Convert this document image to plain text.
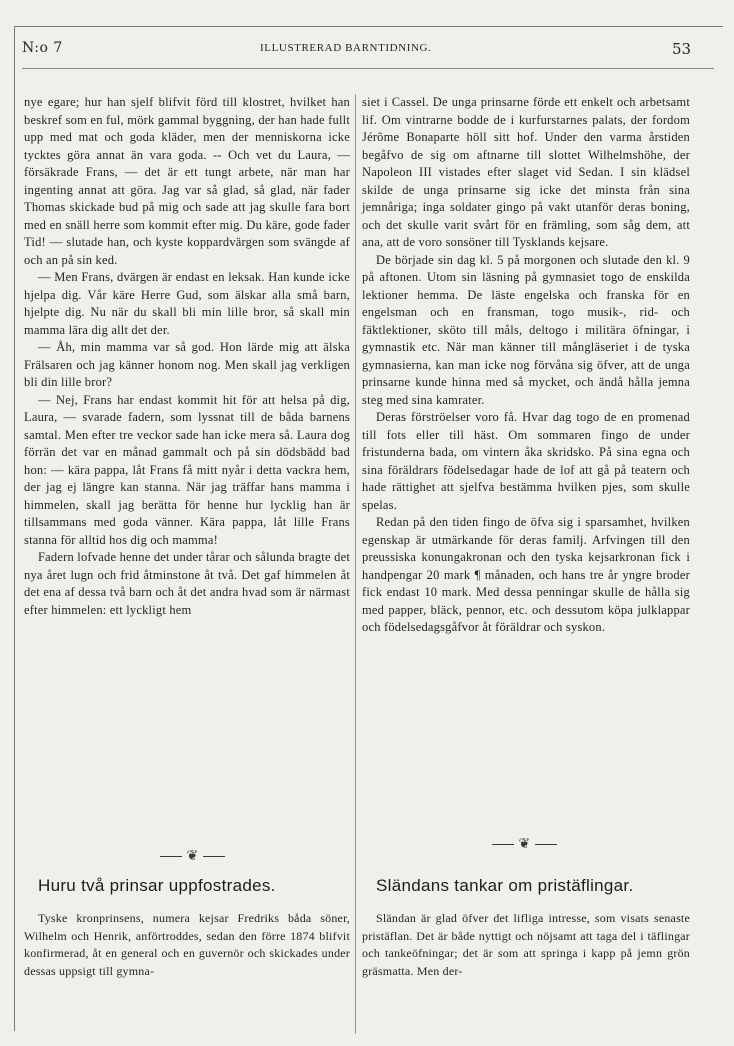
N:o 7	ILLUSTRERAD BARNTIDNING.	53

nye egare; hur han sjelf blifvit förd till klostret, hvilket han beskref som en ful, mörk gammal byggning, der han hade fullt upp med mat och goda kläder, men der menniskorna icke tycktes göra annat än vara goda. -- Och vet du Laura, — försäkrade Frans, — det är ett tungt arbete, när man har ingenting annat att göra. Jag var så glad, så glad, när fader Thomas skickade bud på mig och sade att jag skulle fara bort med en snäll herre som kommit efter mig. Du käre, gode fader Tid! — slutade han, och kyste koppardvärgen som svängde af och an på sin ked.

— Men Frans, dvärgen är endast en leksak. Han kunde icke hjelpa dig. Vår käre Herre Gud, som älskar alla små barn, hjelpte dig. Nu när du skall bli min lille bror, så skall min mamma lära dig allt det der.

— Åh, min mamma var så god. Hon lärde mig att älska Frälsaren och jag känner honom nog. Men skall jag verkligen bli din lille bror?

— Nej, Frans har endast kommit hit för att helsa på dig, Laura, — svarade fadern, som lyssnat till de båda barnens samtal. Men efter tre veckor sade han icke mera så. Laura dog förrän det var en månad gammalt och på sin dödsbädd bad hon: — kära pappa, låt Frans få mitt nyår i detta vackra hem, der jag ej längre kan stanna. När jag träffar hans mamma i himmelen, skall jag berätta för henne hur lycklig han är tillsammans med goda vänner. Kära pappa, låt lille Frans stanna för alltid hos dig och mamma!

Fadern lofvade henne det under tårar och sålunda bragte det nya året lugn och frid åtminstone åt två. Det gaf himmelen åt det ena af dessa två barn och åt det andra hvad som är närmast efter himmelen: ett lyckligt hem

siet i Cassel. De unga prinsarne förde ett enkelt och arbetsamt lif. Om vintrarne bodde de i kurfurstarnes palats, der fordom Jérôme Bonaparte höll sitt hof. Under den varma årstiden begåfvo de sig om aftnarne till slottet Wilhelmshöhe, der Napoleon III vistades efter slaget vid Sedan. I sin klädsel skilde de unga prinsarne sig icke det minsta från sina jemnåriga; inga soldater gingo på vakt utanför deras boning, och det skulle varit svårt för en främling, som såg dem, att ana, att de voro sonsöner till Tysklands kejsare.

De började sin dag kl. 5 på morgonen och slutade den kl. 9 på aftonen. Utom sin läsning på gymnasiet togo de enskilda lektioner hemma. De läste engelska och franska för en engelsman och en fransman, togo musik-, rid- och fäktlektioner, sköto till måls, deltogo i militära öfningar, i gymnastik etc. När man känner till mångläseriet i de tyska gymnasierna, kan man icke nog förvåna sig öfver, att de unga prinsarne kunde hinna med så mycket, och ändå hålla jemna steg med sina kamrater.

Deras förströelser voro få. Hvar dag togo de en promenad till fots eller till häst. Om sommaren fingo de under fristunderna bada, om vintern åka skridsko. På sina egna och sina föräldrars födelsedagar hade de lof att gå på teatern och hade rättighet att sjelfva bestämma hvilken pjes, som skulle spelas.

Redan på den tiden fingo de öfva sig i sparsamhet, hvilken egenskap är utmärkande för deras familj. Arfvingen till den preussiska konungakronan och den tyska kejsarkronan fick i handpengar 20 mark ¶ månaden, och hans tre år yngre broder fick endast 10 mark. Med dessa penningar skulle de hålla sig med papper, bläck, pennor, etc. och dessutom köpa julklappar och födelsedagsgåfvor åt föräldrar och syskon.

❦
❦
Huru två prinsar uppfostrades.	Sländans tankar om pristäflingar.

Tyske kronprinsens, numera kejsar Fredriks båda söner, Wilhelm och Henrik, anförtroddes, sedan den förre 1874 blifvit konfirmerad, åt en general och en guvernör och skickades under dessas uppsigt till gymna-

Sländan är glad öfver det lifliga intresse, som visats senaste pristäflan. Det är både nyttigt och nöjsamt att taga del i täflingar och tankeöfningar; det är som att springa i kapp på jemn grön gräsmatta. Men der-
